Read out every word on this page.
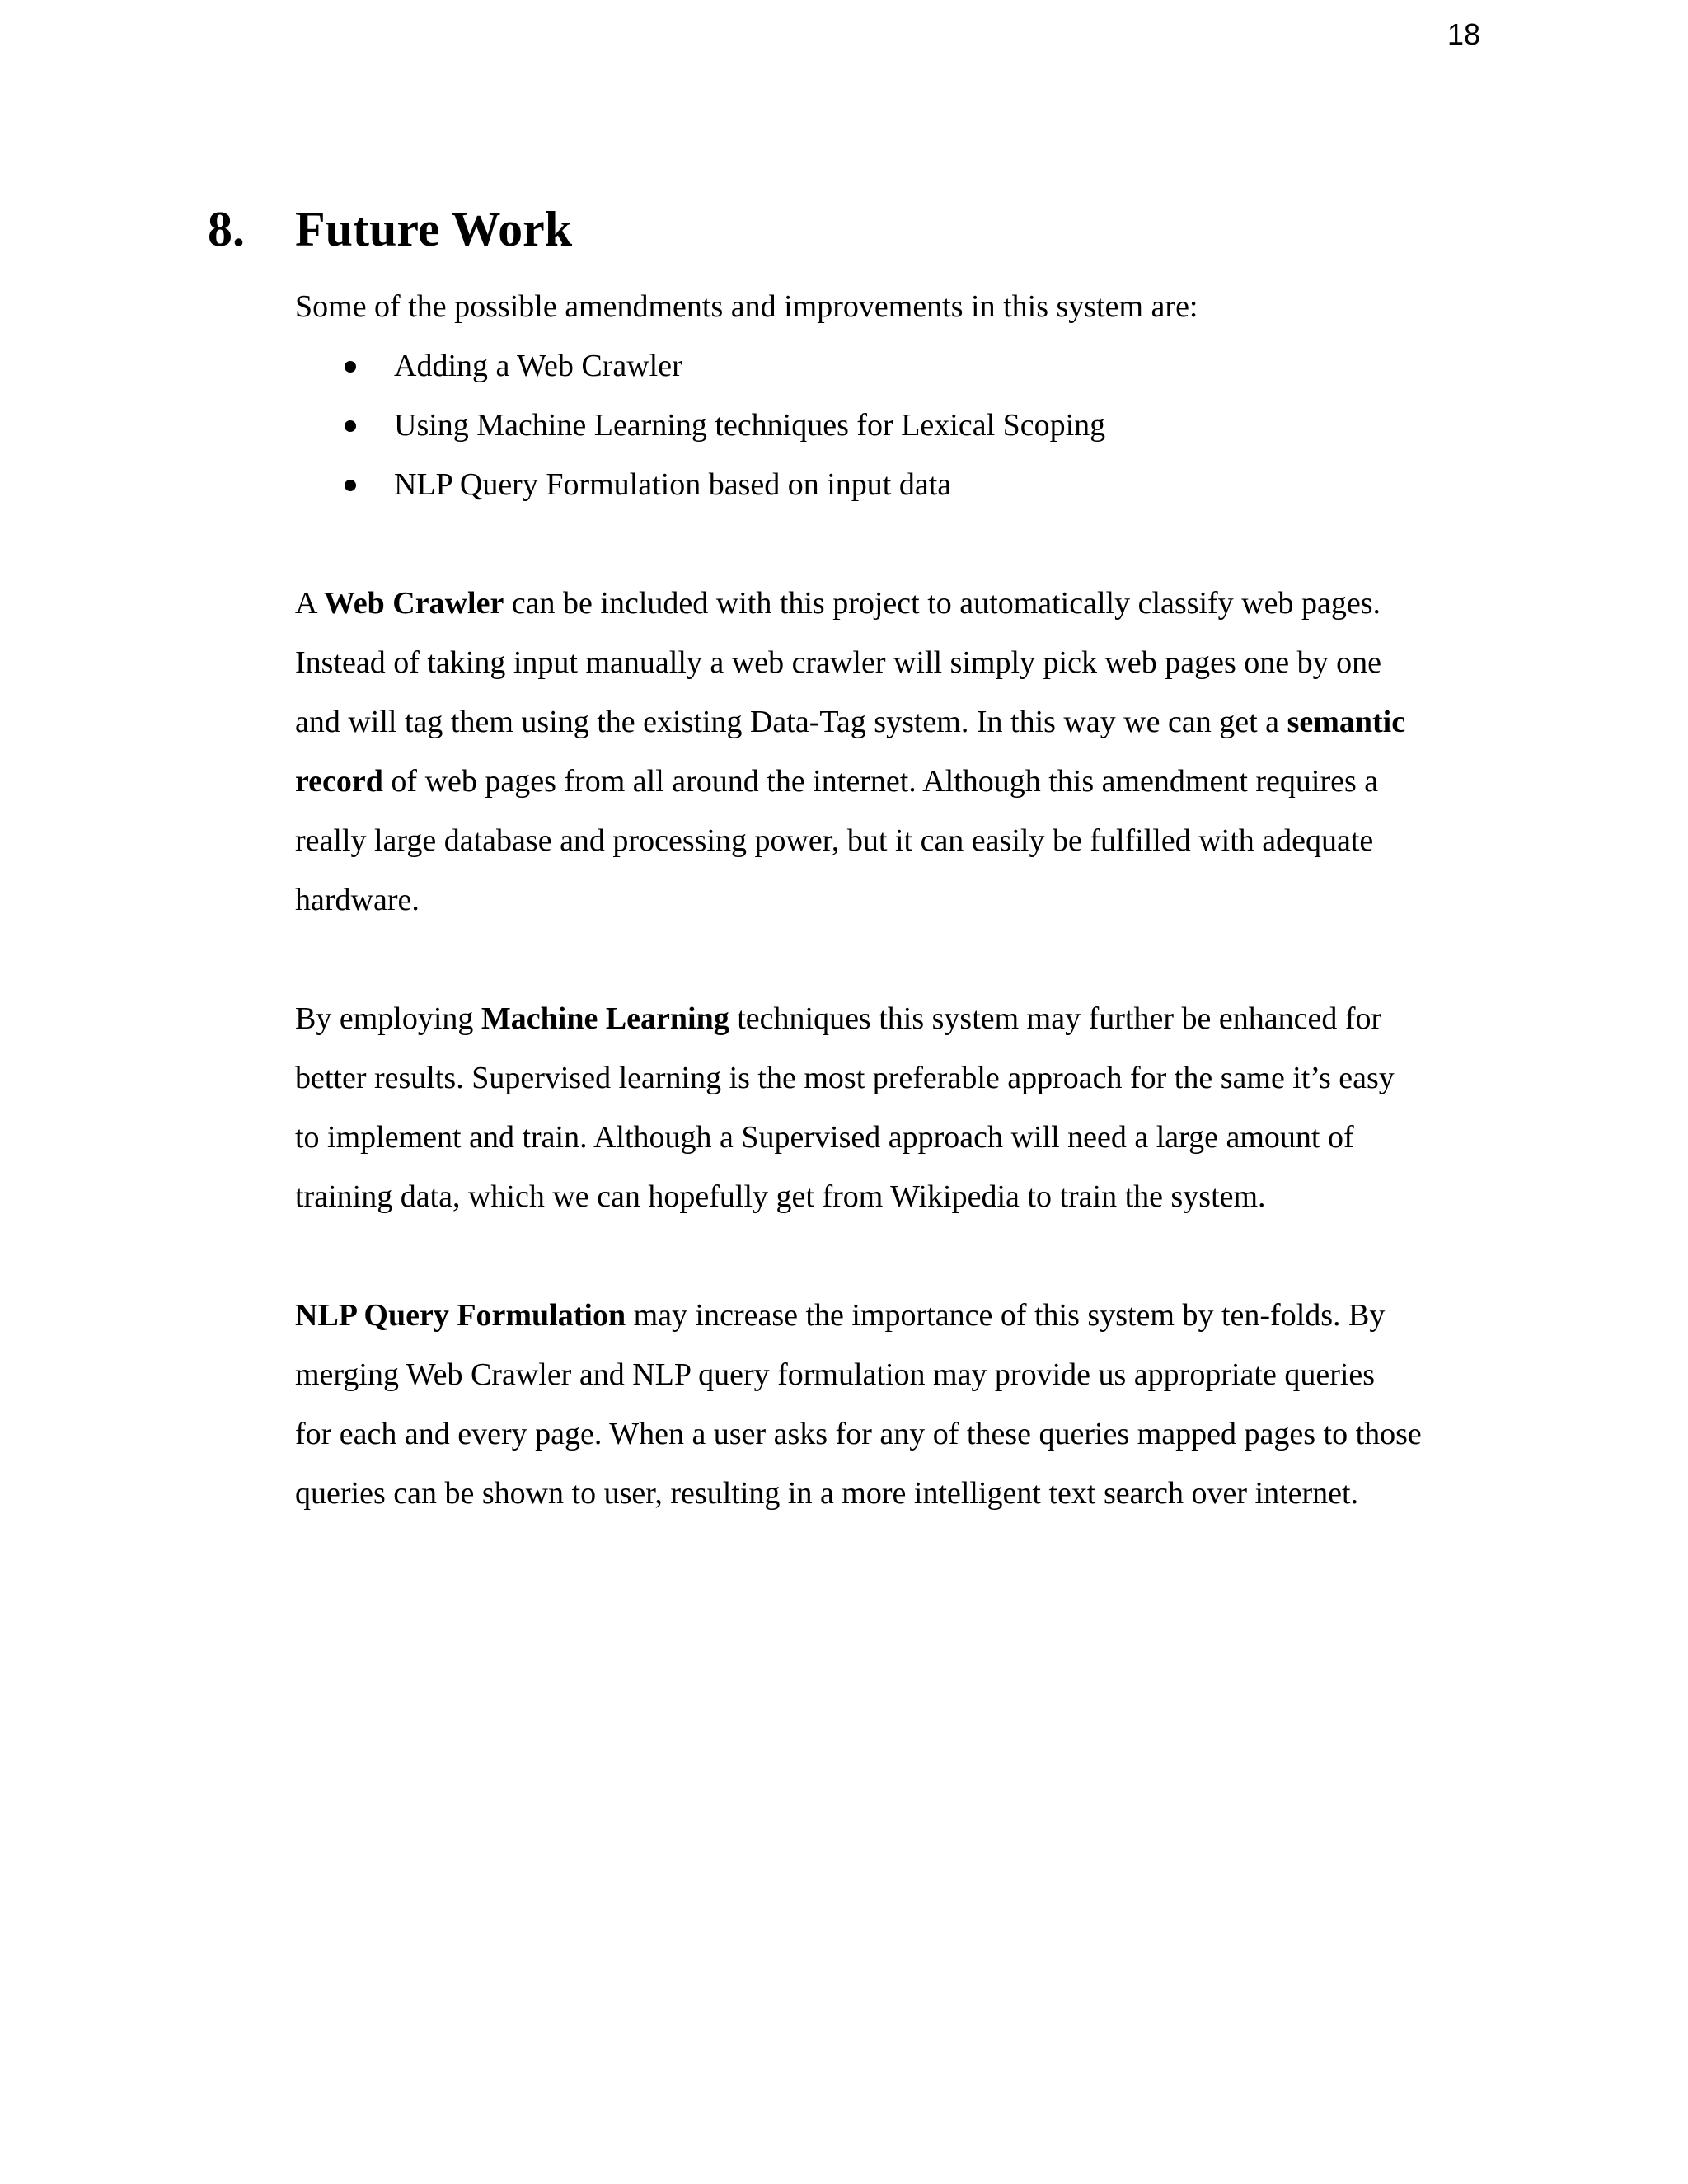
18
8. Future Work

Some of the possible amendments and improvements in this system are:

Adding a Web Crawler
Using Machine Learning techniques for Lexical Scoping
NLP Query Formulation based on input data
A Web Crawler can be included with this project to automatically classify web pages.
Instead of taking input manually a web crawler will simply pick web pages one by one
and will tag them using the existing Data-Tag system. In this way we can get a semantic
record of web pages from all around the internet. Although this amendment requires a
really large database and processing power, but it can easily be fulfilled with adequate
hardware.
By employing Machine Learning techniques this system may further be enhanced for
better results. Supervised learning is the most preferable approach for the same it’s easy
to implement and train. Although a Supervised approach will need a large amount of
training data, which we can hopefully get from Wikipedia to train the system.
NLP Query Formulation may increase the importance of this system by ten-folds. By
merging Web Crawler and NLP query formulation may provide us appropriate queries
for each and every page. When a user asks for any of these queries mapped pages to those
queries can be shown to user, resulting in a more intelligent text search over internet.
